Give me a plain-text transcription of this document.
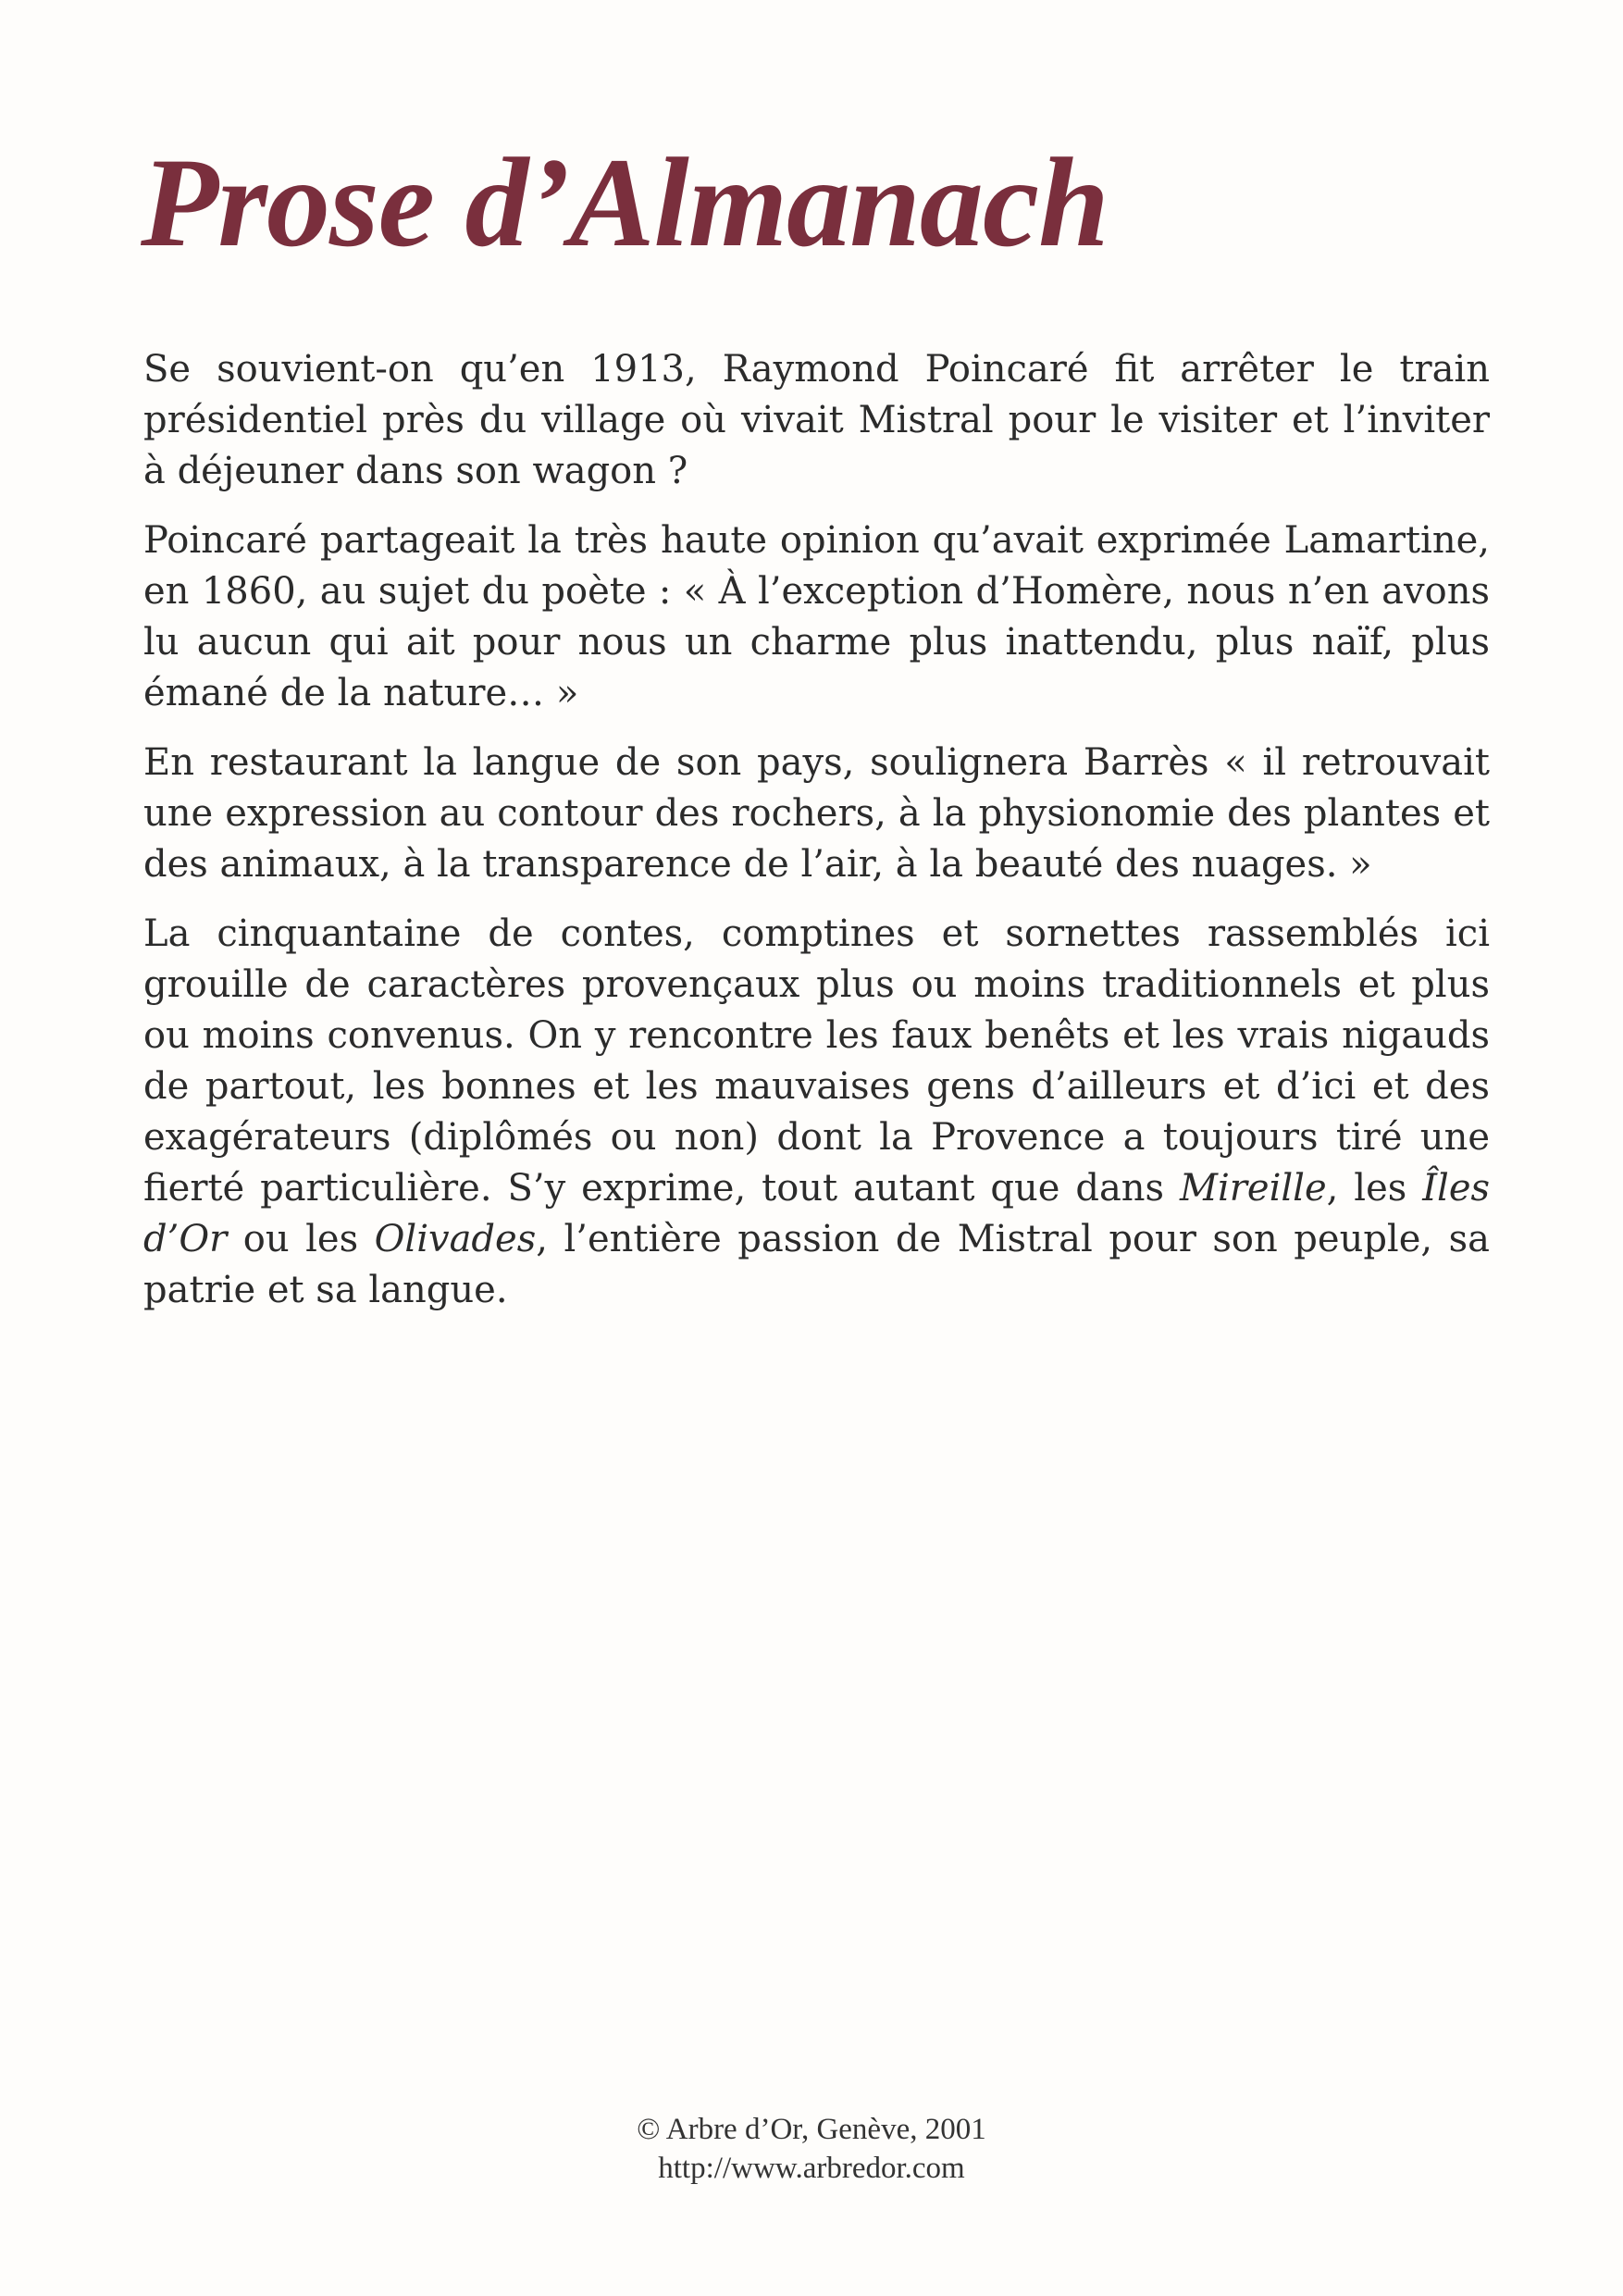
Prose d’Almanach

Se souvient-on qu’en 1913, Raymond Poincaré fit arrêter le train présidentiel près du village où vivait Mistral pour le visiter et l’inviter à déjeuner dans son wagon ?

Poincaré partageait la très haute opinion qu’avait exprimée Lamartine, en 1860, au sujet du poète : « À l’exception d’Homère, nous n’en avons lu aucun qui ait pour nous un charme plus inattendu, plus naïf, plus émané de la nature… »

En restaurant la langue de son pays, soulignera Barrès « il retrouvait une expression au contour des rochers, à la physionomie des plantes et des animaux, à la transparence de l’air, à la beauté des nuages. »

La cinquantaine de contes, comptines et sornettes rassemblés ici grouille de caractères provençaux plus ou moins traditionnels et plus ou moins convenus. On y rencontre les faux benêts et les vrais nigauds de partout, les bonnes et les mauvaises gens d’ailleurs et d’ici et des exagérateurs (diplômés ou non) dont la Provence a toujours tiré une fierté particulière. S’y exprime, tout autant que dans Mireille, les Îles d’Or ou les Olivades, l’entière passion de Mistral pour son peuple, sa patrie et sa langue.

© Arbre d’Or, Genève, 2001
http://www.arbredor.com
